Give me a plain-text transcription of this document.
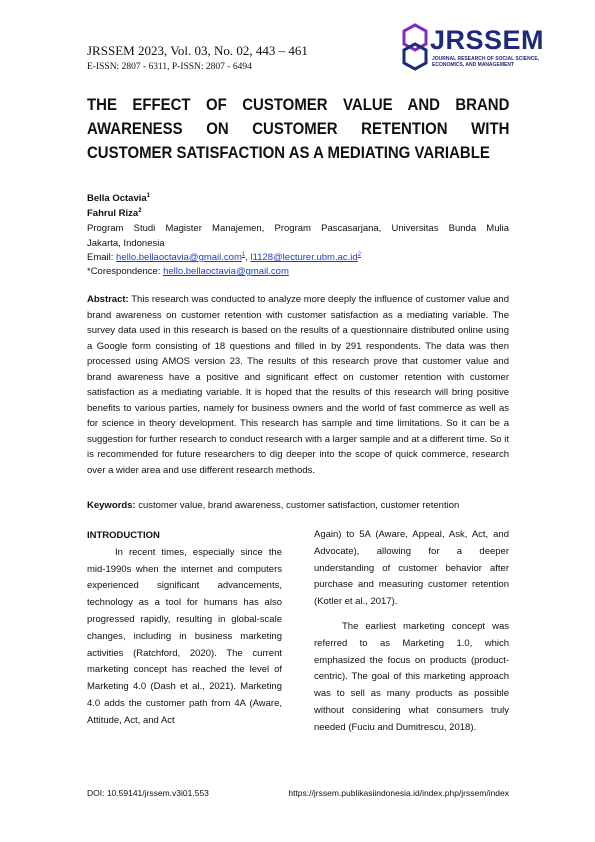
JRSSEM 2023, Vol. 03, No. 02, 443 – 461
E-ISSN: 2807 - 6311, P-ISSN: 2807 - 6494
JRSSEM
JOURNAL RESEARCH OF SOCIAL SCIENCE,
ECONOMICS, AND MANAGEMENT
THE EFFECT OF CUSTOMER VALUE AND BRAND
AWARENESS ON CUSTOMER RETENTION WITH
CUSTOMER SATISFACTION AS A MEDIATING VARIABLE
Bella Octavia$^1$
Fahrul Riza$^2$
Program Studi Magister Manajemen, Program Pascasarjana, Universitas Bunda Mulia
Jakarta, Indonesia
Email: hello.bellaoctavia@gmail.com$^1$, $l1128@lecturer.ubm.ac.id^2$
*Corespondence: hello.bellaoctavia@gmail.com
Abstract: This research was conducted to analyze more deeply the influence of customer value and brand awareness on customer retention with customer satisfaction as a mediating variable. The survey data used in this research is based on the results of a questionnaire distributed online using a Google form consisting of 18 questions and filled in by 291 respondents. The data was then processed using AMOS version 23. The results of this research prove that customer value and brand awareness have a positive and significant effect on customer retention with customer satisfaction as a mediating variable. It is hoped that the results of this research will bring positive benefits to various parties, namely for business owners and the world of fast commerce as well as for science in theory development. This research has sample and time limitations. So it can be a suggestion for further research to conduct research with a larger sample and at a different time. So it is recommended for future researchers to dig deeper into the scope of quick commerce, research over a wider area and use different research methods.
Keywords: customer value, brand awareness, customer satisfaction, customer retention
INTRODUCTION
In recent times, especially since the mid-1990s when the internet and computers experienced significant advancements, technology as a tool for humans has also progressed rapidly, resulting in global-scale changes, including in business marketing activities (Ratchford, 2020). The current marketing concept has reached the level of Marketing 4.0 (Dash et al., 2021). Marketing 4.0 adds the customer path from 4A (Aware, Attitude, Act, and Act
Again) to 5A (Aware, Appeal, Ask, Act, and Advocate), allowing for a deeper understanding of customer behavior after purchase and measuring customer retention (Kotler et al., 2017).
The earliest marketing concept was referred to as Marketing 1.0, which emphasized the focus on products (product-centric). The goal of this marketing approach was to sell as many products as possible without considering what consumers truly needed (Fuciu and Dumitrescu, 2018).
DOI: 10.59141/jrssem.v3i01.553	https://jrssem.publikasiindonesia.id/index.php/jrssem/index
